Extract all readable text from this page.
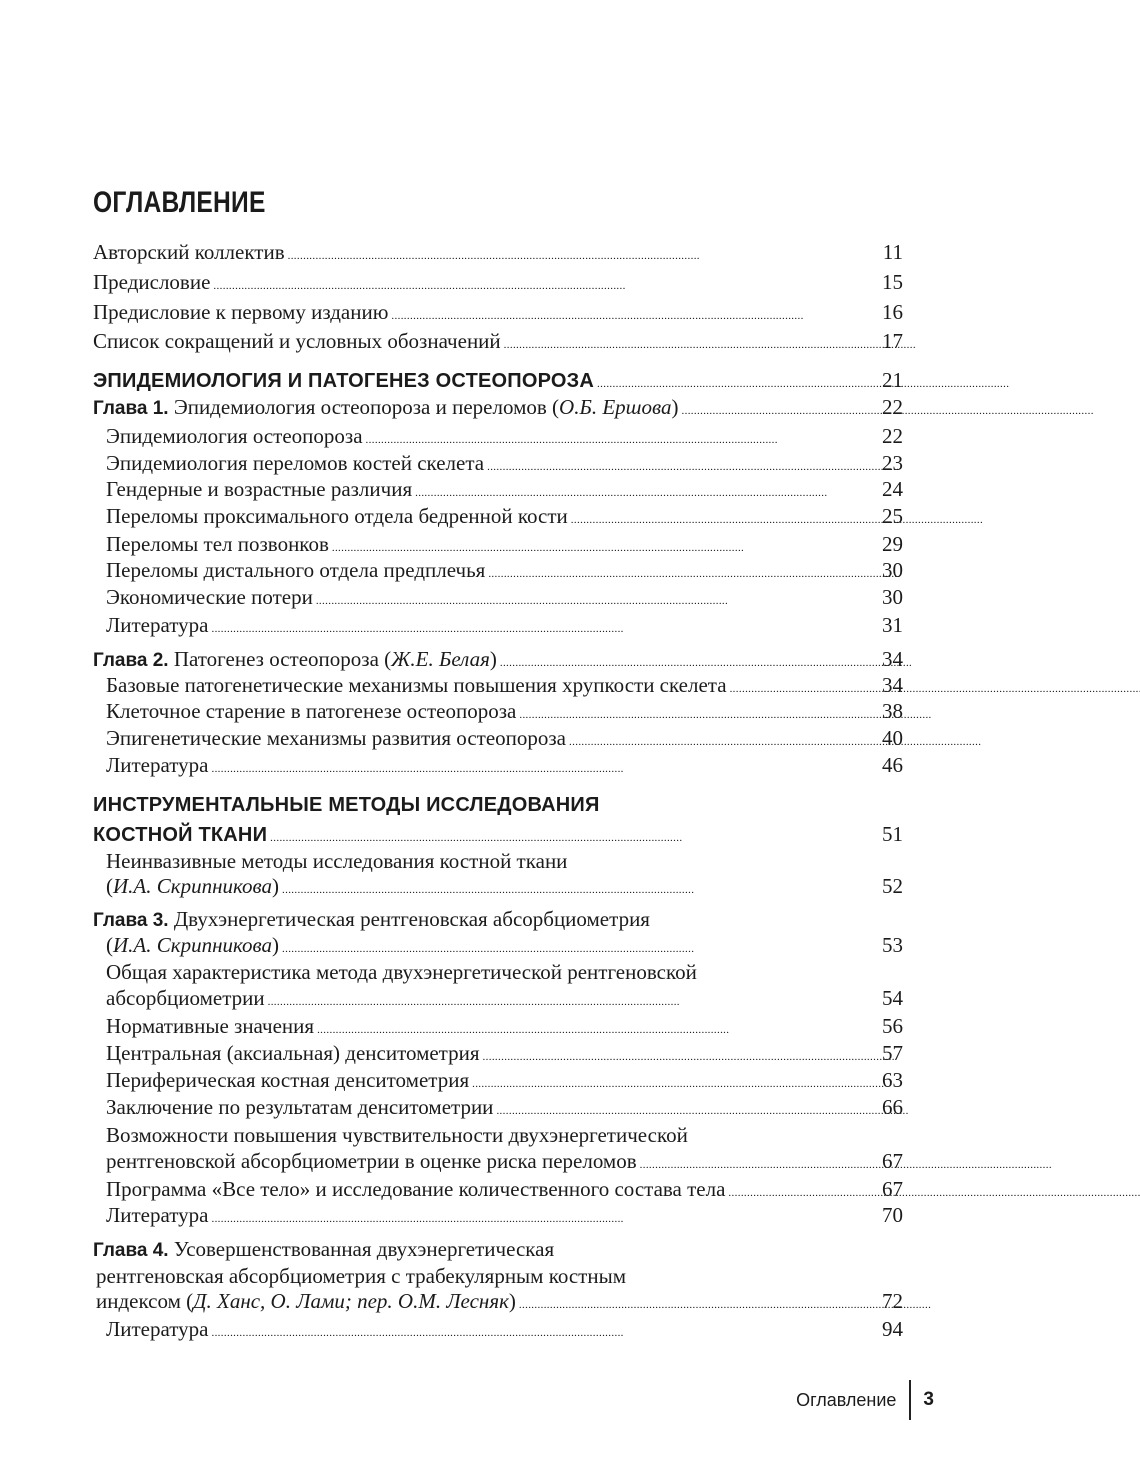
ОГЛАВЛЕНИЕ
Авторский коллектив . . .	11
Предисловие . . .	15
Предисловие к первому изданию . . .	16
Список сокращений и условных обозначений . . .	17
ЭПИДЕМИОЛОГИЯ И ПАТОГЕНЕЗ ОСТЕОПОРОЗА . . .	21
Глава 1. Эпидемиология остеопороза и переломов (О.Б. Ершова) . . .	22
Эпидемиология остеопороза . . .	22
Эпидемиология переломов костей скелета . . .	23
Гендерные и возрастные различия . . .	24
Переломы проксимального отдела бедренной кости . . .	25
Переломы тел позвонков . . .	29
Переломы дистального отдела предплечья . . .	30
Экономические потери . . .	30
Литература . . .	31
Глава 2. Патогенез остеопороза (Ж.Е. Белая) . . .	34
Базовые патогенетические механизмы повышения хрупкости скелета . . .	34
Клеточное старение в патогенезе остеопороза . . .	38
Эпигенетические механизмы развития остеопороза . . .	40
Литература . . .	46
ИНСТРУМЕНТАЛЬНЫЕ МЕТОДЫ ИССЛЕДОВАНИЯ
КОСТНОЙ ТКАНИ . . .	51
Неинвазивные методы исследования костной ткани
(И.А. Скрипникова) . . .	52
Глава 3. Двухэнергетическая рентгеновская абсорбциометрия
(И.А. Скрипникова) . . .	53
Общая характеристика метода двухэнергетической рентгеновской
абсорбциометрии . . .	54
Нормативные значения . . .	56
Центральная (аксиальная) денситометрия . . .	57
Периферическая костная денситометрия . . .	63
Заключение по результатам денситометрии . . .	66
Возможности повышения чувствительности двухэнергетической
рентгеновской абсорбциометрии в оценке риска переломов . . .	67
Программа «Все тело» и исследование количественного состава тела . . .	67
Литература . . .	70
Глава 4. Усовершенствованная двухэнергетическая
рентгеновская абсорбциометрия с трабекулярным костным
индексом (Д. Ханс, О. Лами; пер. О.М. Лесняк) . . .	72
Литература . . .	94
Оглавление 3
